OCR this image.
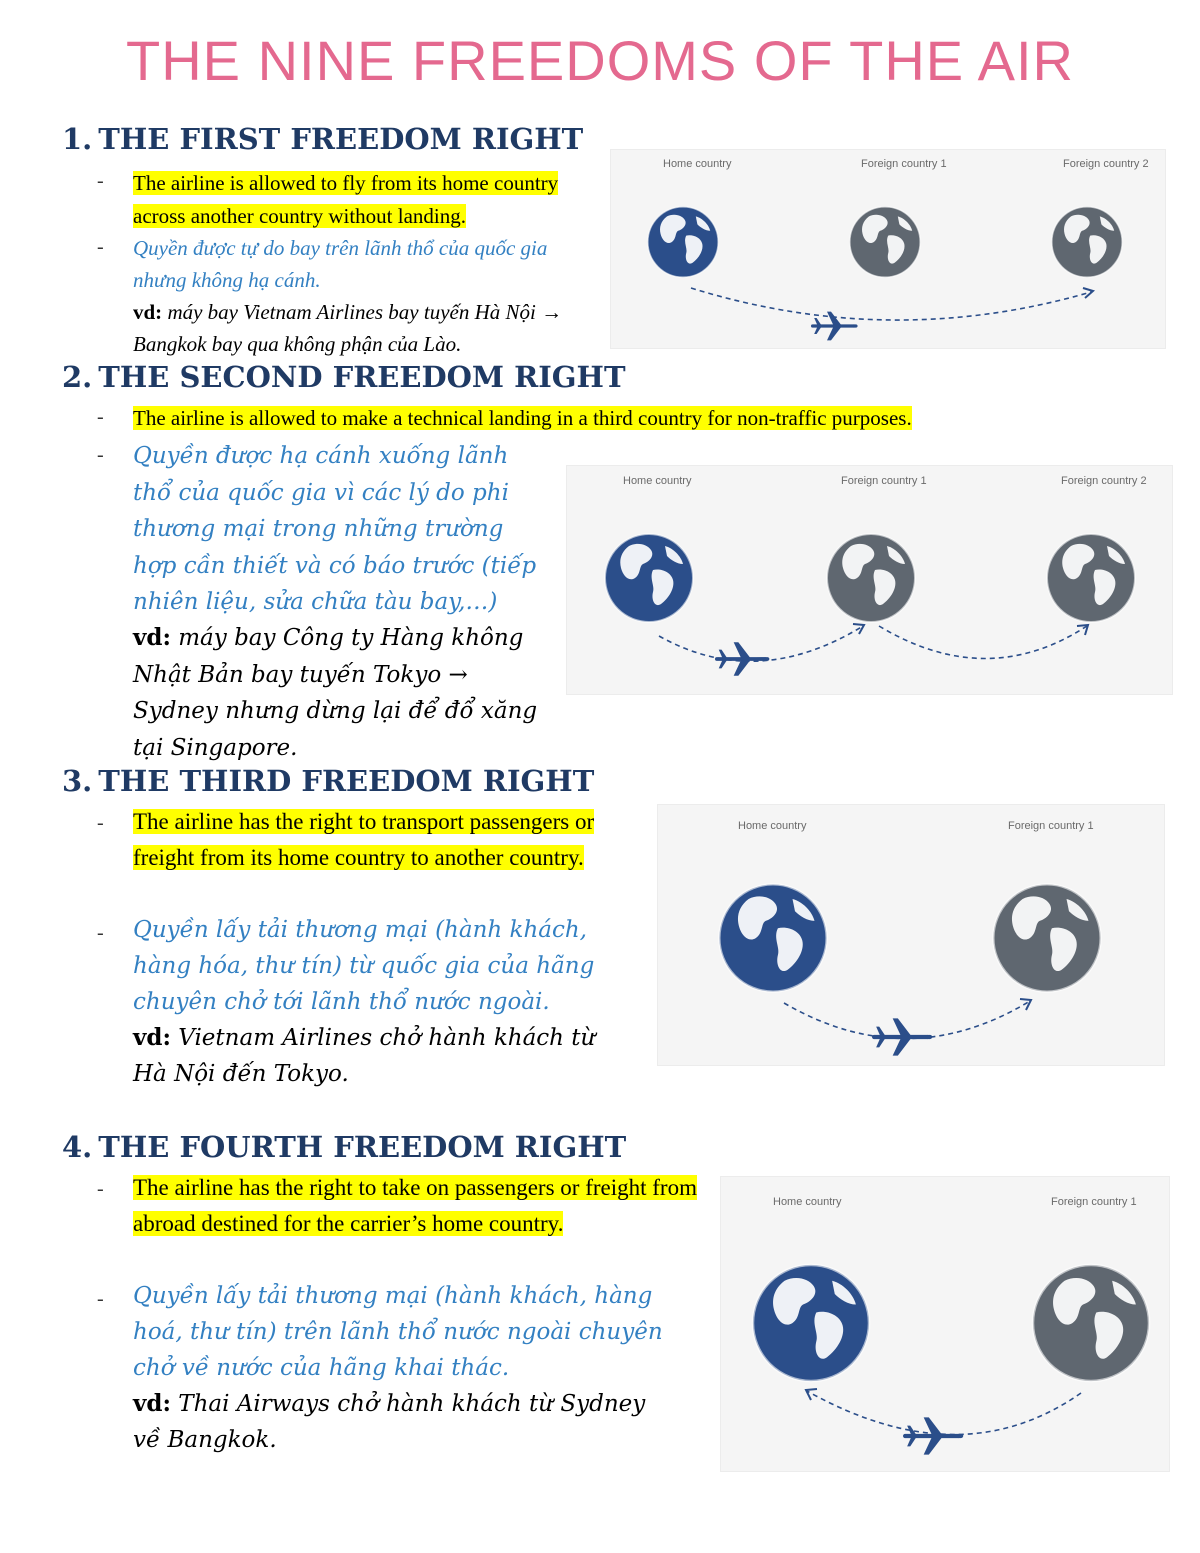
THE NINE FREEDOMS OF THE AIR
1. THE FIRST FREEDOM RIGHT
- The airline is allowed to fly from its home country across another country without landing.

- Quyền được tự do bay trên lãnh thổ của quốc gia nhưng không hạ cánh.

vd: máy bay Vietnam Airlines bay tuyến Hà Nội → Bangkok bay qua không phận của Lào.

Home country	Foreign country 1	Foreign country 2
2. THE SECOND FREEDOM RIGHT
- The airline is allowed to make a technical landing in a third country for non-traffic purposes.

- Quyền được hạ cánh xuống lãnh thổ của quốc gia vì các lý do phi thương mại trong những trường hợp cần thiết và có báo trước (tiếp nhiên liệu, sửa chữa tàu bay,…)

vd: máy bay Công ty Hàng không Nhật Bản bay tuyến Tokyo → Sydney nhưng dừng lại để đổ xăng tại Singapore.

Home country	Foreign country 1	Foreign country 2
3. THE THIRD FREEDOM RIGHT
- The airline has the right to transport passengers or freight from its home country to another country.

- Quyền lấy tải thương mại (hành khách, hàng hóa, thư tín) từ quốc gia của hãng chuyên chở tới lãnh thổ nước ngoài.

vd: Vietnam Airlines chở hành khách từ Hà Nội đến Tokyo.

Home country	Foreign country 1
4. THE FOURTH FREEDOM RIGHT
- The airline has the right to take on passengers or freight from abroad destined for the carrier’s home country.

- Quyền lấy tải thương mại (hành khách, hàng hoá, thư tín) trên lãnh thổ nước ngoài chuyên chở về nước của hãng khai thác.

vd: Thai Airways chở hành khách từ Sydney về Bangkok.

Home country	Foreign country 1
